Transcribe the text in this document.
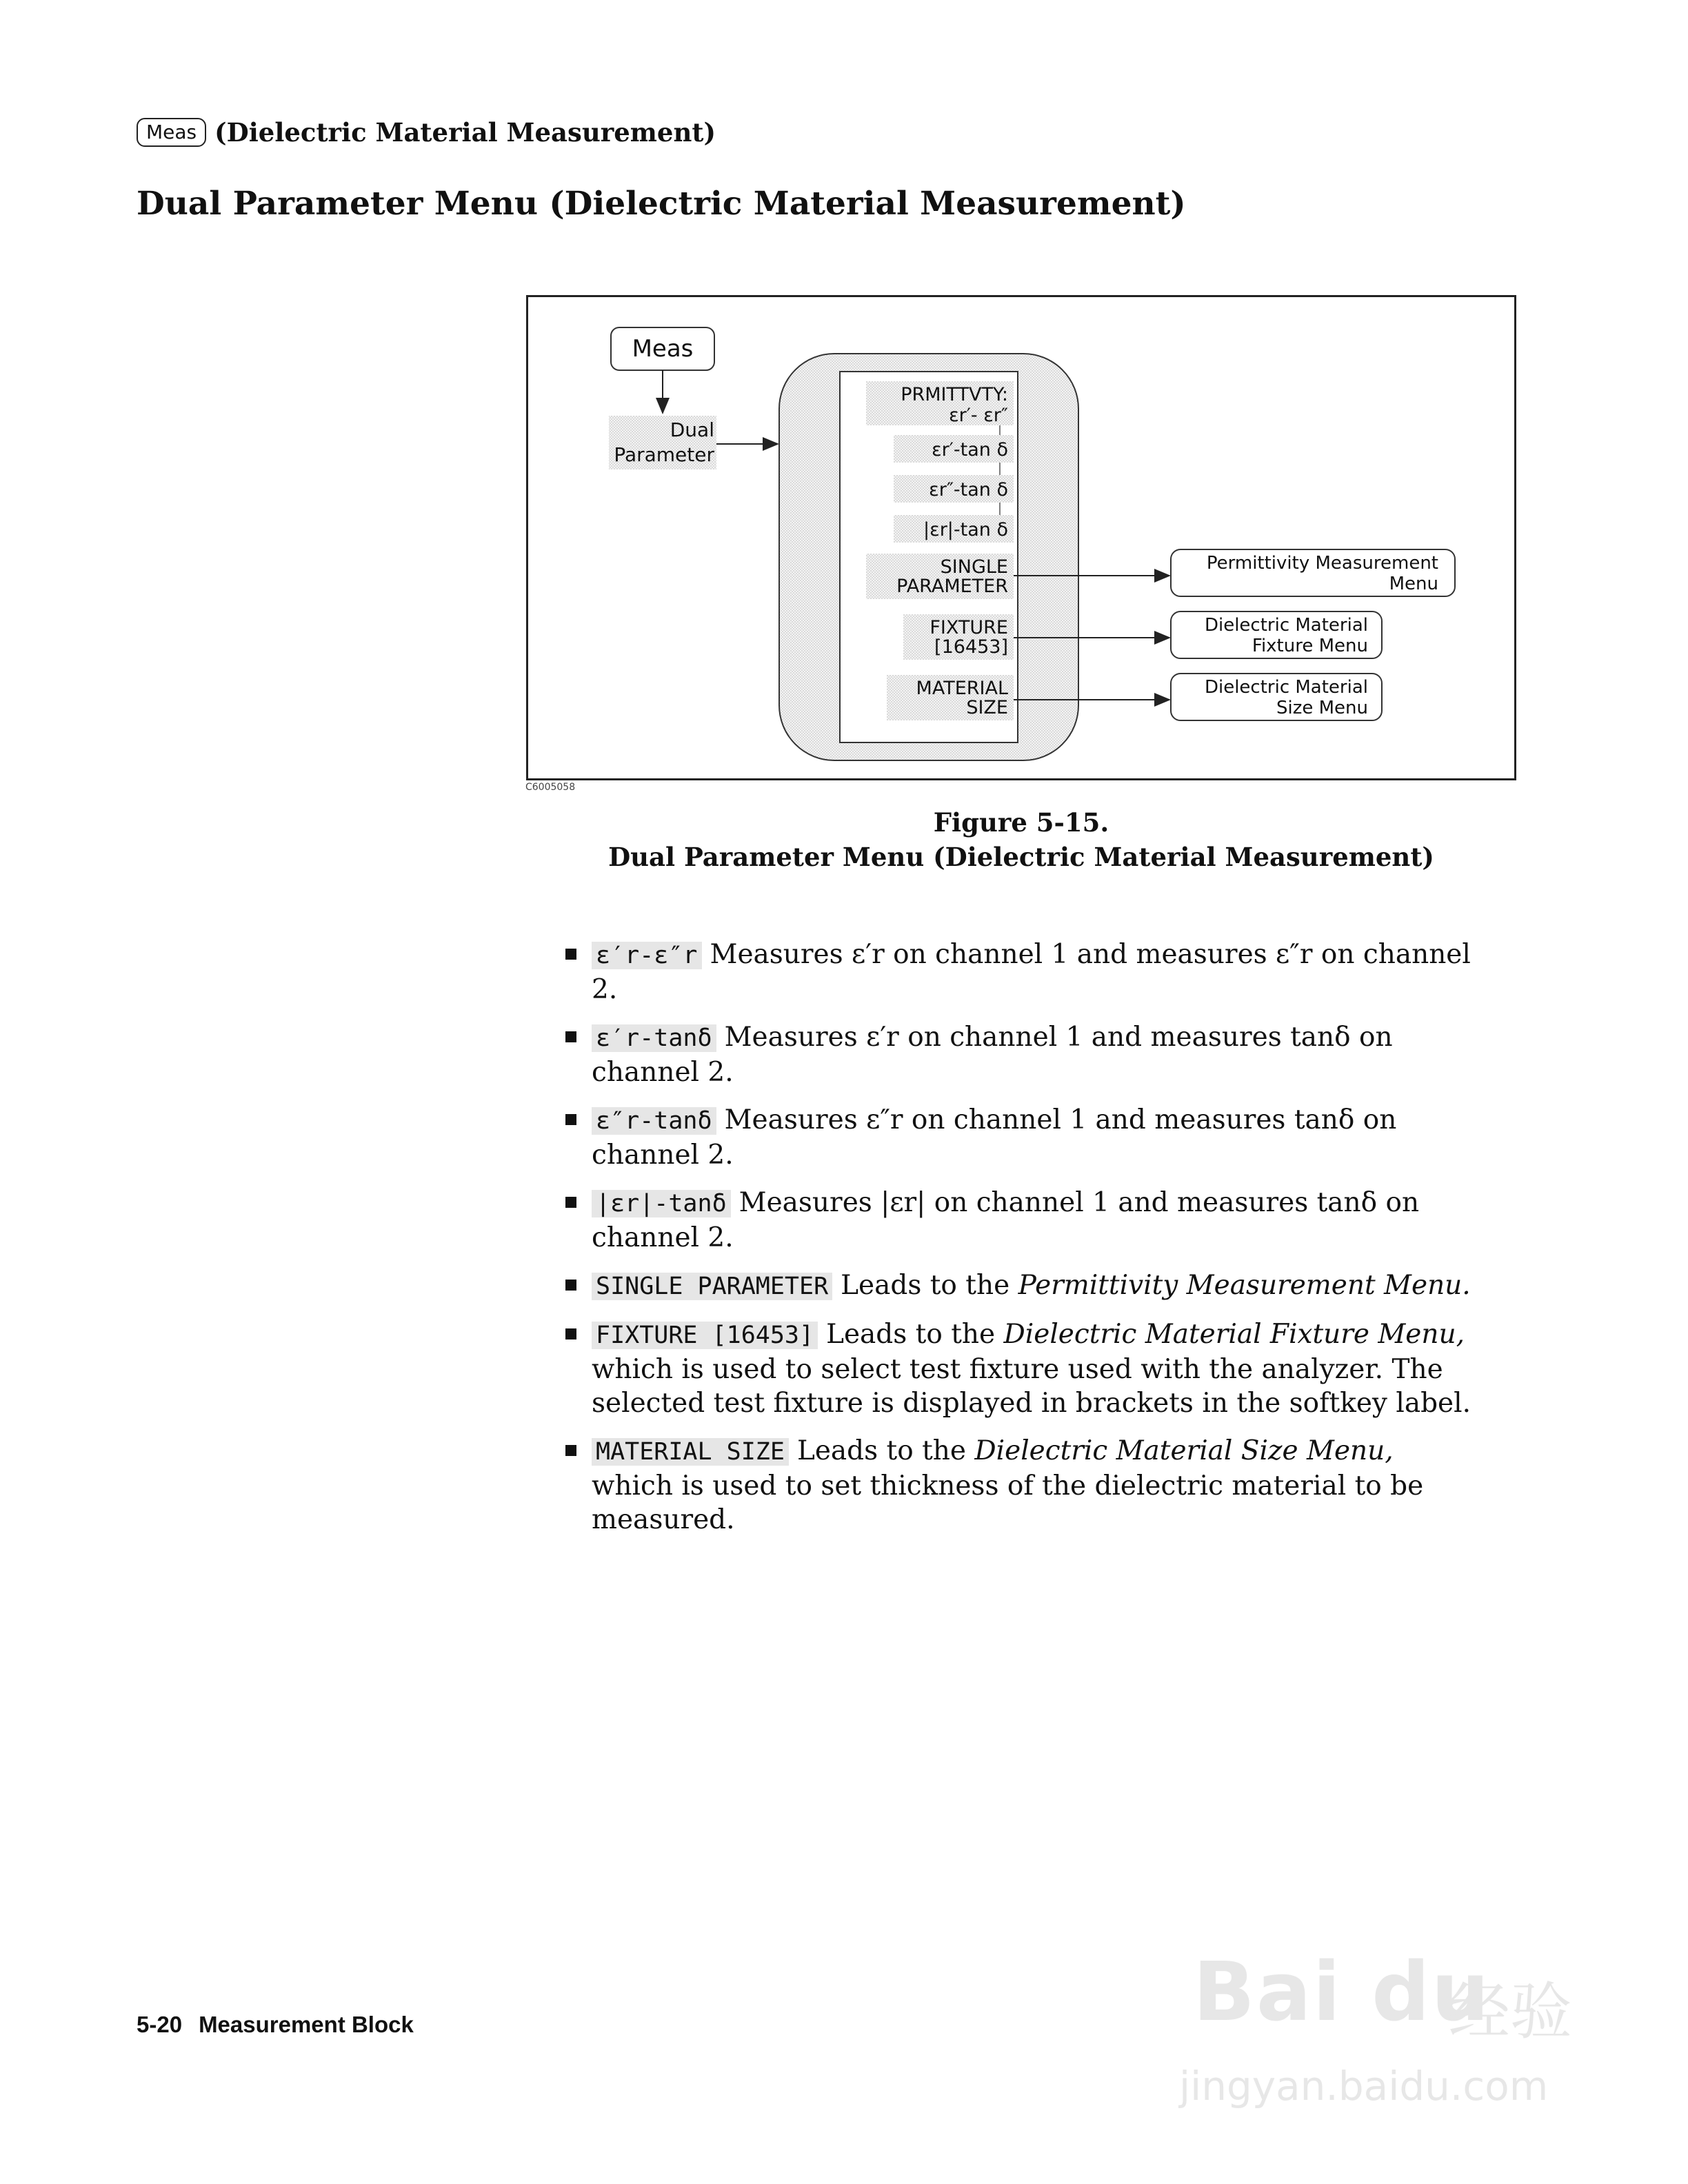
Meas (Dielectric Material Measurement)
Dual Parameter Menu (Dielectric Material Measurement)
Meas
Dual
Parameter
PRMITTVTY:
εr′- εr″
εr′-tan δ
εr″-tan δ
|εr|-tan δ
SINGLE
PARAMETER
FIXTURE
[16453]
MATERIAL
SIZE
Permittivity Measurement
Menu
Dielectric Material
Fixture Menu
Dielectric Material
Size Menu
C6005058
Figure 5-15.
Dual Parameter Menu (Dielectric Material Measurement)
ε′r-ε″r Measures ε′r on channel 1 and measures ε″r on channel 2.
ε′r-tanδ Measures ε′r on channel 1 and measures tanδ on channel 2.
ε″r-tanδ Measures ε″r on channel 1 and measures tanδ on channel 2.
|εr|-tanδ Measures |εr| on channel 1 and measures tanδ on channel 2.
SINGLE PARAMETER Leads to the Permittivity Measurement Menu.
FIXTURE [16453] Leads to the Dielectric Material Fixture Menu, which is used to select test fixture used with the analyzer. The selected test fixture is displayed in brackets in the softkey label.
MATERIAL SIZE Leads to the Dielectric Material Size Menu, which is used to set thickness of the dielectric material to be measured.
5-20 Measurement Block	Bai du
经验
jingyan.baidu.com
